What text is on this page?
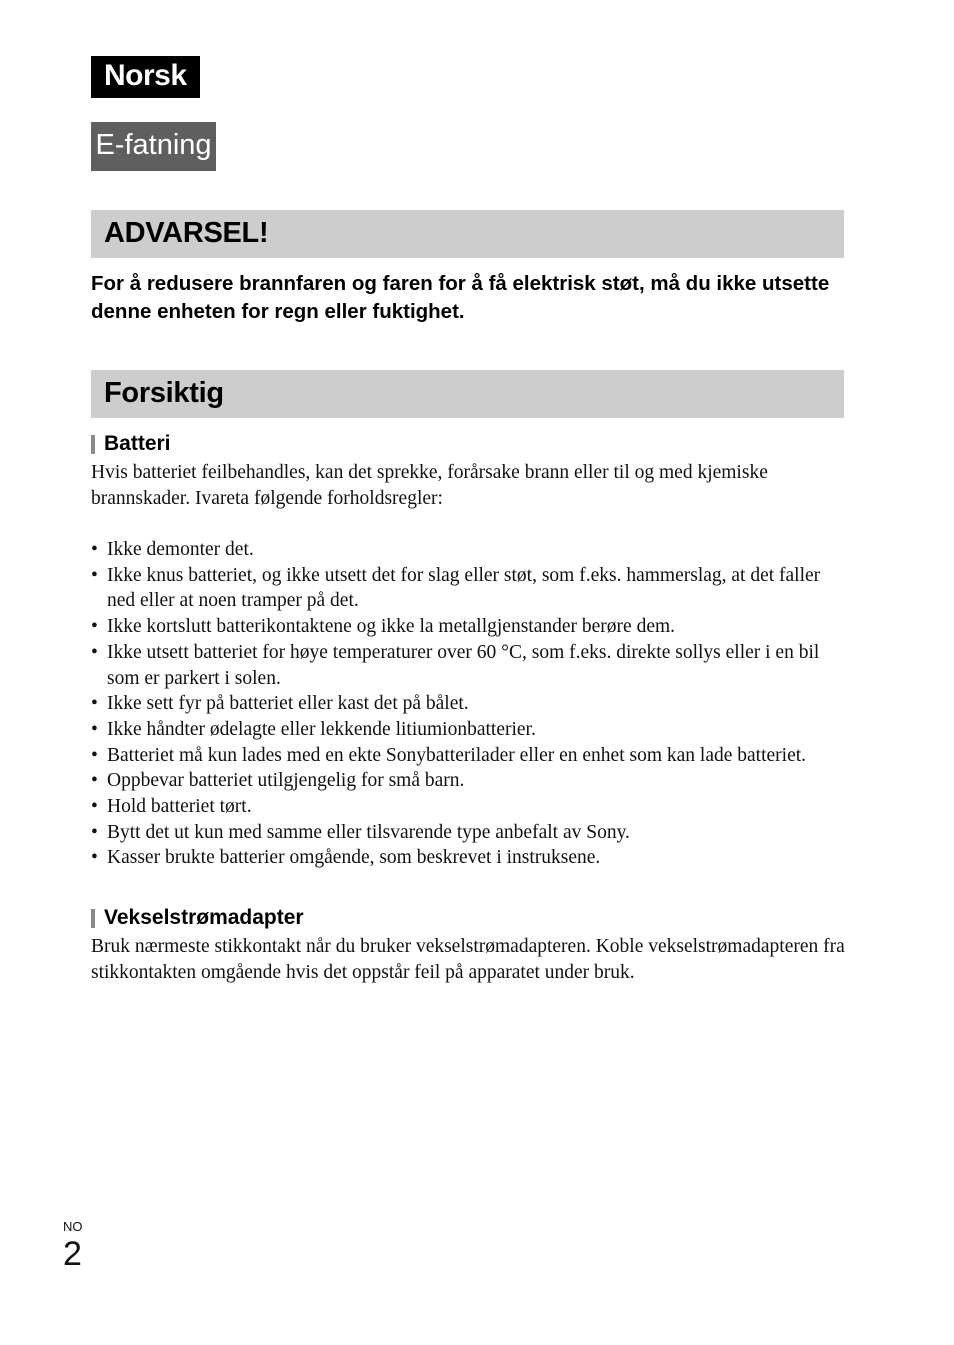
Norsk
E-fatning
ADVARSEL!
For å redusere brannfaren og faren for å få elektrisk støt, må du ikke utsette denne enheten for regn eller fuktighet.
Forsiktig
Batteri
Hvis batteriet feilbehandles, kan det sprekke, forårsake brann eller til og med kjemiske brannskader. Ivareta følgende forholdsregler:
• Ikke demonter det.
• Ikke knus batteriet, og ikke utsett det for slag eller støt, som f.eks. hammerslag, at det faller ned eller at noen tramper på det.
• Ikke kortslutt batterikontaktene og ikke la metallgjenstander berøre dem.
• Ikke utsett batteriet for høye temperaturer over 60 °C, som f.eks. direkte sollys eller i en bil som er parkert i solen.
• Ikke sett fyr på batteriet eller kast det på bålet.
• Ikke håndter ødelagte eller lekkende litiumionbatterier.
• Batteriet må kun lades med en ekte Sonybatterilader eller en enhet som kan lade batteriet.
• Oppbevar batteriet utilgjengelig for små barn.
• Hold batteriet tørt.
• Bytt det ut kun med samme eller tilsvarende type anbefalt av Sony.
• Kasser brukte batterier omgående, som beskrevet i instruksene.
Vekselstrømadapter
Bruk nærmeste stikkontakt når du bruker vekselstrømadapteren. Koble vekselstrømadapteren fra stikkontakten omgående hvis det oppstår feil på apparatet under bruk.
NO
2
